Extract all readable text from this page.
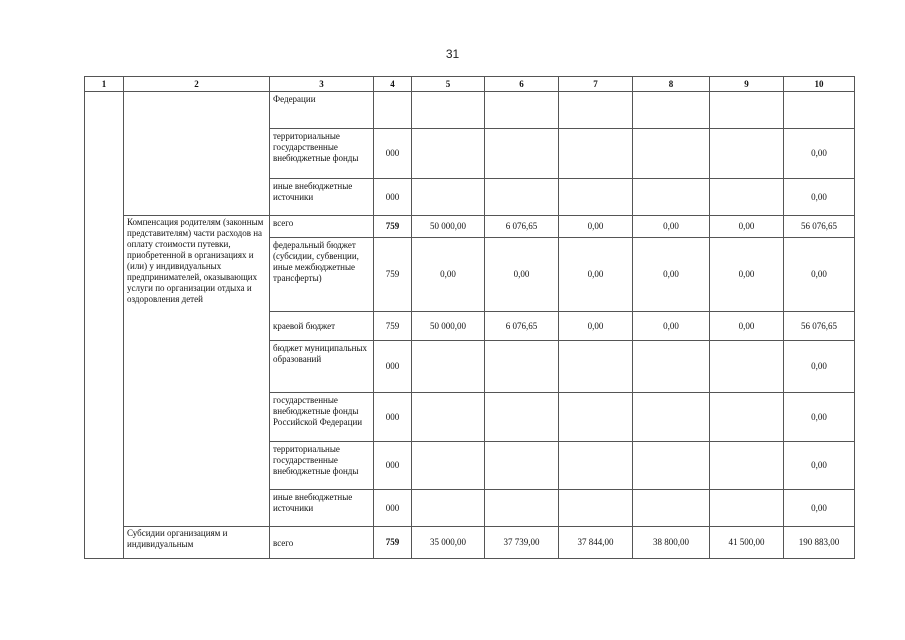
31
1	2	3	4	5	6	7	8	9	10
		Федерации							
		территориальные государственные внебюджетные фонды	000						0,00
		иные внебюджетные источники	000						0,00
	Компенсация родителям (законным представителям) части расходов на оплату стоимости путевки, приобретенной в организациях и (или) у индивидуальных предпринимателей, оказывающих услуги по организации отдыха и оздоровления детей	всего	759	50 000,00	6 076,65	0,00	0,00	0,00	56 076,65
		федеральный бюджет (субсидии, субвенции, иные межбюджетные трансферты)	759	0,00	0,00	0,00	0,00	0,00	0,00
		краевой бюджет	759	50 000,00	6 076,65	0,00	0,00	0,00	56 076,65
		бюджет муниципальных образований	000						0,00
		государственные внебюджетные фонды Российской Федерации	000						0,00
		территориальные государственные внебюджетные фонды	000						0,00
		иные внебюджетные источники	000						0,00
	Субсидии организациям и индивидуальным	всего	759	35 000,00	37 739,00	37 844,00	38 800,00	41 500,00	190 883,00
